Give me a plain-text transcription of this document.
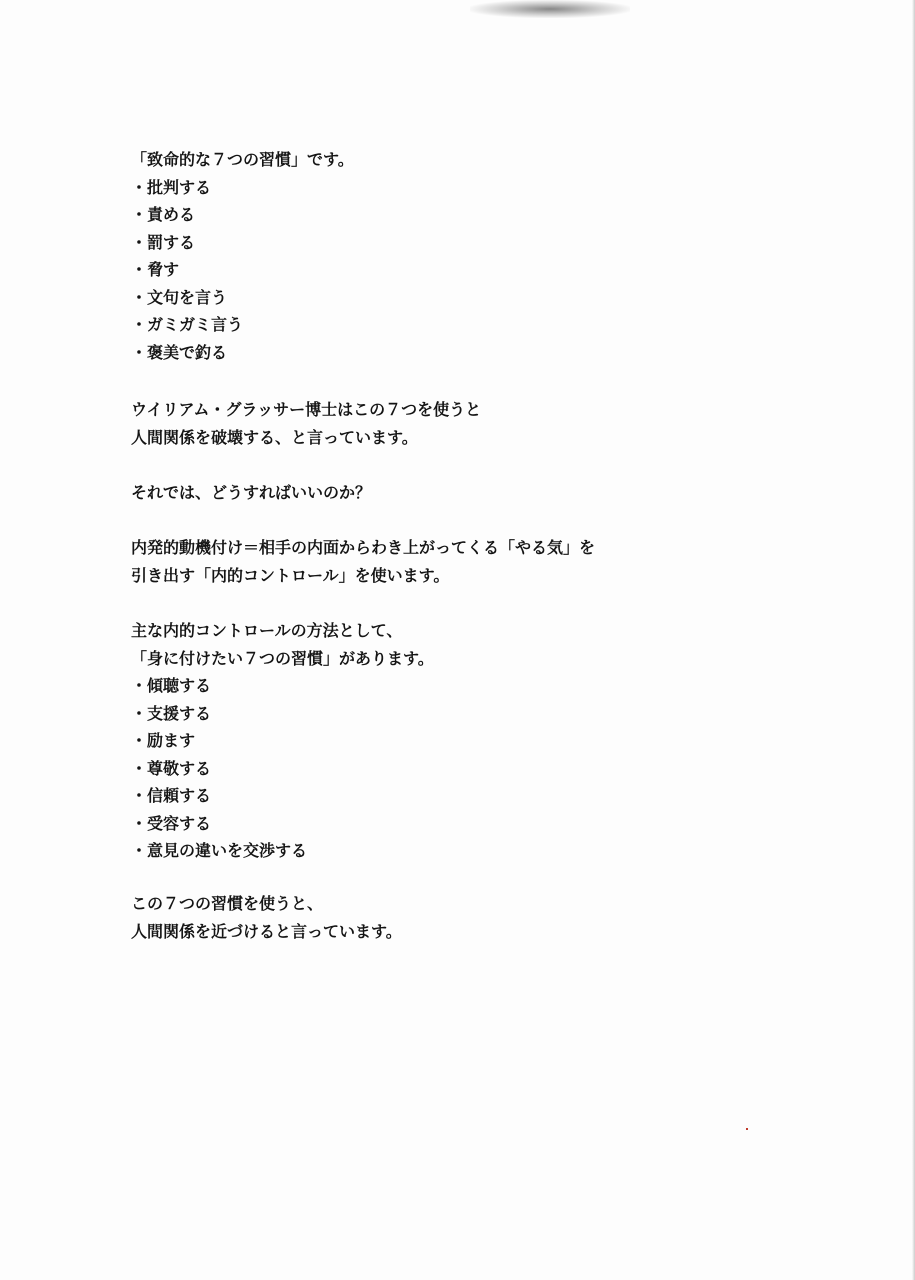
「致命的な７つの習慣」です。
・批判する
・責める
・罰する
・脅す
・文句を言う
・ガミガミ言う
・褒美で釣る
ウイリアム・グラッサー博士はこの７つを使うと
人間関係を破壊する、と言っています。
それでは、どうすればいいのか？
内発的動機付け＝相手の内面からわき上がってくる「やる気」を
引き出す「内的コントロール」を使います。
主な内的コントロールの方法として、
「身に付けたい７つの習慣」があります。
・傾聴する
・支援する
・励ます
・尊敬する
・信頼する
・受容する
・意見の違いを交渉する
この７つの習慣を使うと、
人間関係を近づけると言っています。
